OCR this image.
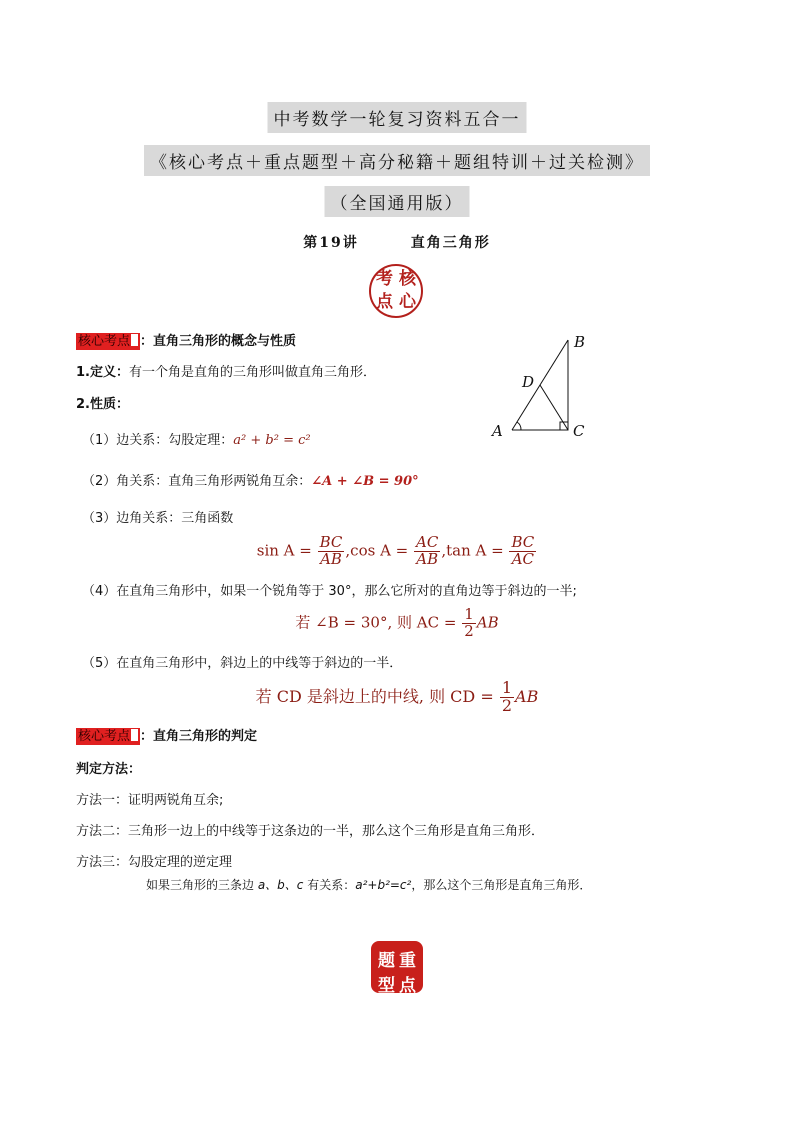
中考数学一轮复习资料五合一
《核心考点＋重点题型＋高分秘籍＋题组特训＋过关检测》
（全国通用版）
第19讲	直角三角形
考 核
点 心
核心考点 ：直角三角形的概念与性质
1.定义：有一个角是直角的三角形叫做直角三角形．
2.性质：
（1）边关系：勾股定理：a² + b² = c²
（2）角关系：直角三角形两锐角互余：∠A + ∠B = 90°
（3）边角关系：三角函数
$\sin A = \frac{BC}{AB} ,\cos$ $A = \frac{AC}{AB} ,\tan$ $A = \frac{BC}{AC}$
（4）在直角三角形中，如果一个锐角等于 30°，那么它所对的直角边等于斜边的一半;
若 ∠B = 30°, 则 AC = $\frac{1}{2}$ AB
（5）在直角三角形中，斜边上的中线等于斜边的一半．
若 CD 是斜边上的中线, 则 CD = $\frac{1}{2}$ AB
B
D
A	C
核心考点 ：直角三角形的判定
判定方法：
方法一：证明两锐角互余;
方法二：三角形一边上的中线等于这条边的一半，那么这个三角形是直角三角形．
方法三：勾股定理的逆定理
如果三角形的三条边 a、b、c 有关系：a²+b²=c²，那么这个三角形是直角三角形．
题 重
型 点
